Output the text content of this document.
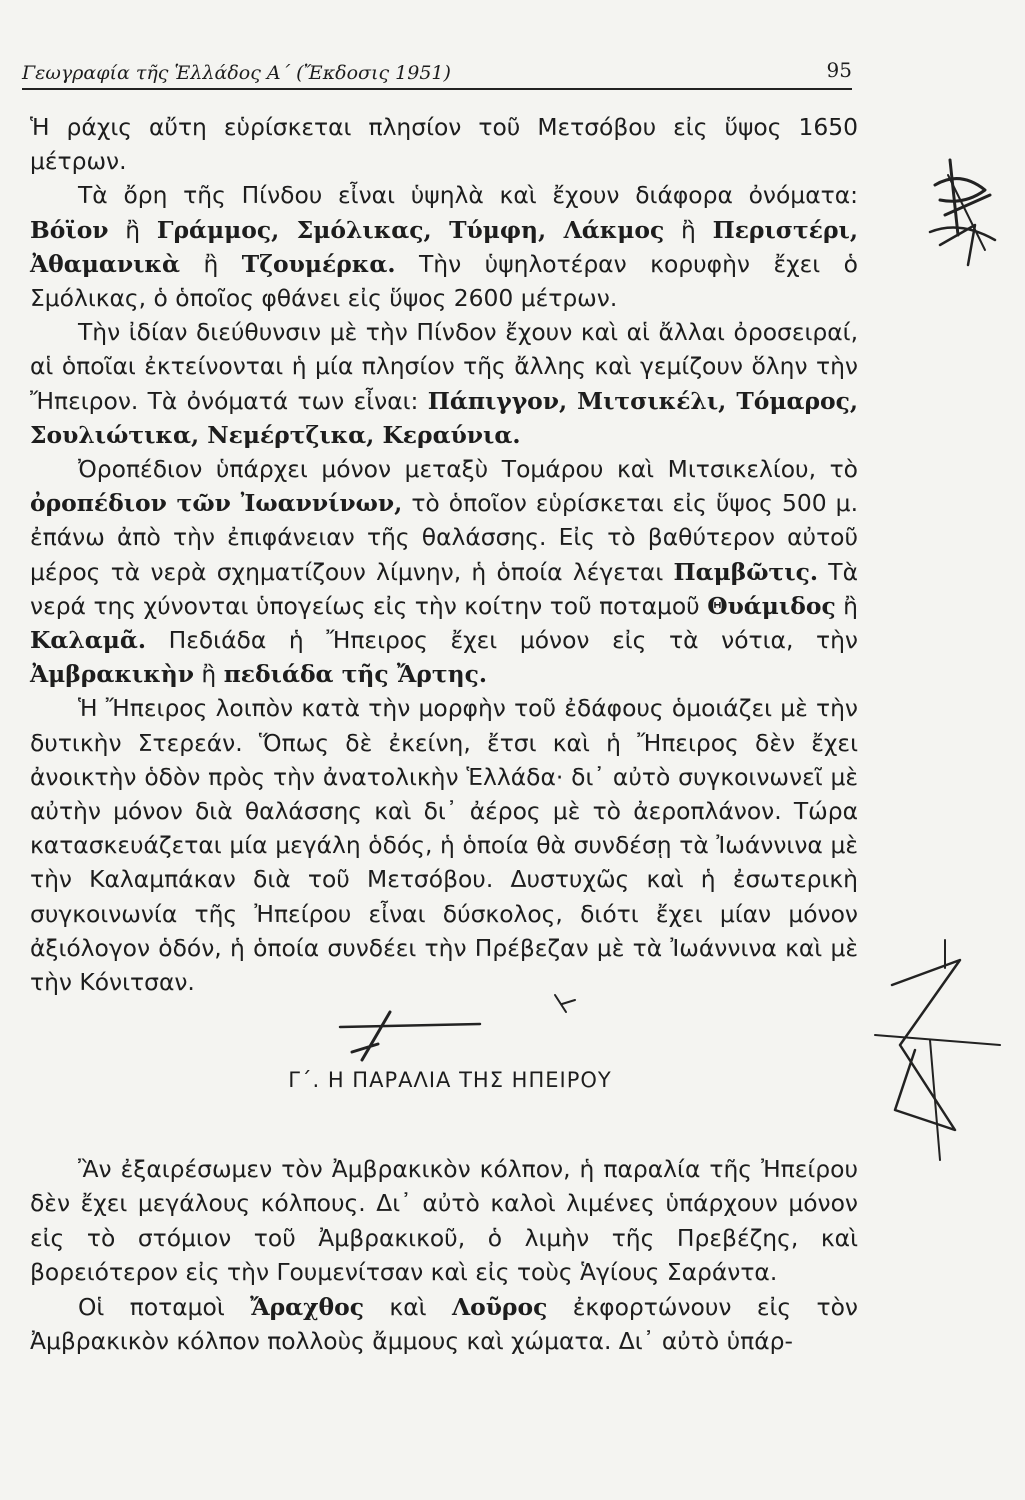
Γεωγραφία τῆς Ἑλλάδος Α΄ (Ἔκδοσις 1951)	95

Ἡ ράχις αὔτη εὑρίσκεται πλησίον τοῦ Μετσόβου εἰς ὕψος 1650 μέτρων.

Τὰ ὄρη τῆς Πίνδου εἶναι ὑψηλὰ καὶ ἔχουν διάφορα ὀνόματα: Βόϊον ἢ Γράμμος, Σμόλικας, Τύμφη, Λάκμος ἢ Περιστέρι, Ἀθαμανικὰ ἢ Τζουμέρκα. Τὴν ὑψηλοτέραν κορυφὴν ἔχει ὁ Σμόλικας, ὁ ὁποῖος φθάνει εἰς ὕψος 2600 μέτρων.

Τὴν ἰδίαν διεύθυνσιν μὲ τὴν Πίνδον ἔχουν καὶ αἱ ἄλλαι ὀροσειραί, αἱ ὁποῖαι ἐκτείνονται ἡ μία πλησίον τῆς ἄλλης καὶ γεμίζουν ὅλην τὴν Ἤπειρον. Τὰ ὀνόματά των εἶναι: Πάπιγγον, Μιτσικέλι, Τόμαρος, Σουλιώτικα, Νεμέρτζικα, Κεραύνια.

Ὀροπέδιον ὑπάρχει μόνον μεταξὺ Τομάρου καὶ Μιτσικελίου, τὸ ὀροπέδιον τῶν Ἰωαννίνων, τὸ ὁποῖον εὑρίσκεται εἰς ὕψος 500 μ. ἐπάνω ἀπὸ τὴν ἐπιφάνειαν τῆς θαλάσσης. Εἰς τὸ βαθύτερον αὐτοῦ μέρος τὰ νερὰ σχηματίζουν λίμνην, ἡ ὁποία λέγεται Παμβῶτις. Τὰ νερά της χύνονται ὑπογείως εἰς τὴν κοίτην τοῦ ποταμοῦ Θυάμιδος ἢ Καλαμᾶ. Πεδιάδα ἡ Ἤπειρος ἔχει μόνον εἰς τὰ νότια, τὴν Ἀμβρακικὴν ἢ πεδιάδα τῆς Ἄρτης.

Ἡ Ἤπειρος λοιπὸν κατὰ τὴν μορφὴν τοῦ ἐδάφους ὁμοιάζει μὲ τὴν δυτικὴν Στερεάν. Ὅπως δὲ ἐκείνη, ἔτσι καὶ ἡ Ἤπειρος δὲν ἔχει ἀνοικτὴν ὁδὸν πρὸς τὴν ἀνατολικὴν Ἑλλάδα· δι᾿ αὐτὸ συγκοινωνεῖ μὲ αὐτὴν μόνον διὰ θαλάσσης καὶ δι᾿ ἀέρος μὲ τὸ ἀεροπλάνον. Τώρα κατασκευάζεται μία μεγάλη ὁδός, ἡ ὁποία θὰ συνδέσῃ τὰ Ἰωάννινα μὲ τὴν Καλαμπάκαν διὰ τοῦ Μετσόβου. Δυστυχῶς καὶ ἡ ἐσωτερικὴ συγκοινωνία τῆς Ἠπείρου εἶναι δύσκολος, διότι ἔχει μίαν μόνον ἀξιόλογον ὁδόν, ἡ ὁποία συνδέει τὴν Πρέβεζαν μὲ τὰ Ἰωάννινα καὶ μὲ τὴν Κόνιτσαν.

Γ΄. Η ΠΑΡΑΛΙΑ ΤΗΣ ΗΠΕΙΡΟΥ

Ἂν ἐξαιρέσωμεν τὸν Ἀμβρακικὸν κόλπον, ἡ παραλία τῆς Ἠπείρου δὲν ἔχει μεγάλους κόλπους. Δι᾿ αὐτὸ καλοὶ λιμένες ὑπάρχουν μόνον εἰς τὸ στόμιον τοῦ Ἀμβρακικοῦ, ὁ λιμὴν τῆς Πρεβέζης, καὶ βορειότερον εἰς τὴν Γουμενίτσαν καὶ εἰς τοὺς Ἁγίους Σαράντα.

Οἱ ποταμοὶ Ἄραχθος καὶ Λοῦρος ἐκφορτώνουν εἰς τὸν Ἀμβρακικὸν κόλπον πολλοὺς ἄμμους καὶ χώματα. Δι᾿ αὐτὸ ὑπάρ-
